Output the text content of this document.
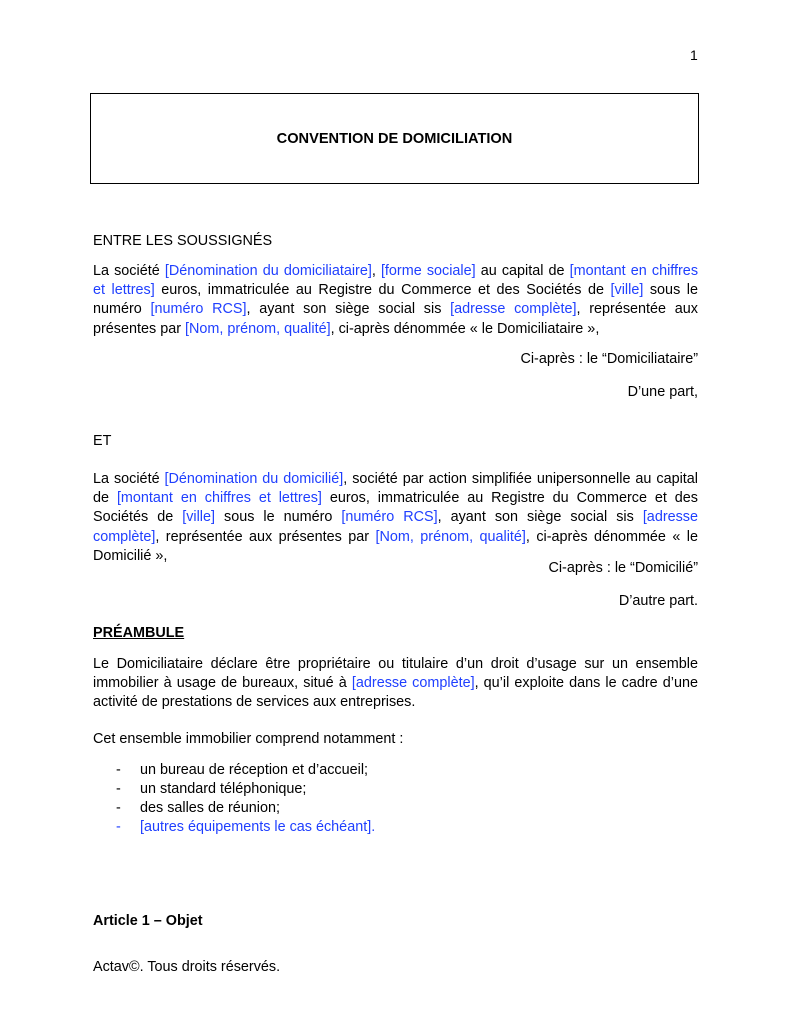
1
CONVENTION DE DOMICILIATION

ENTRE LES SOUSSIGNÉS

La société [Dénomination du domiciliataire], [forme sociale] au capital de [montant en chiffres et lettres] euros, immatriculée au Registre du Commerce et des Sociétés de [ville] sous le numéro [numéro RCS], ayant son siège social sis [adresse complète], représentée aux présentes par [Nom, prénom, qualité], ci-après dénommée « le Domiciliataire »,

Ci-après : le “Domiciliataire”

D’une part,

ET

La société [Dénomination du domicilié], société par action simplifiée unipersonnelle au capital de [montant en chiffres et lettres] euros, immatriculée au Registre du Commerce et des Sociétés de [ville] sous le numéro [numéro RCS], ayant son siège social sis [adresse complète], représentée aux présentes par [Nom, prénom, qualité], ci-après dénommée « le Domicilié »,

Ci-après : le “Domicilié”

D’autre part.

PRÉAMBULE

Le Domiciliataire déclare être propriétaire ou titulaire d’un droit d’usage sur un ensemble immobilier à usage de bureaux, situé à [adresse complète], qu’il exploite dans le cadre d’une activité de prestations de services aux entreprises.

Cet ensemble immobilier comprend notamment :

- un bureau de réception et d’accueil;
- un standard téléphonique;
- des salles de réunion;
- [autres équipements le cas échéant].

Article 1 – Objet

Actav©. Tous droits réservés.
